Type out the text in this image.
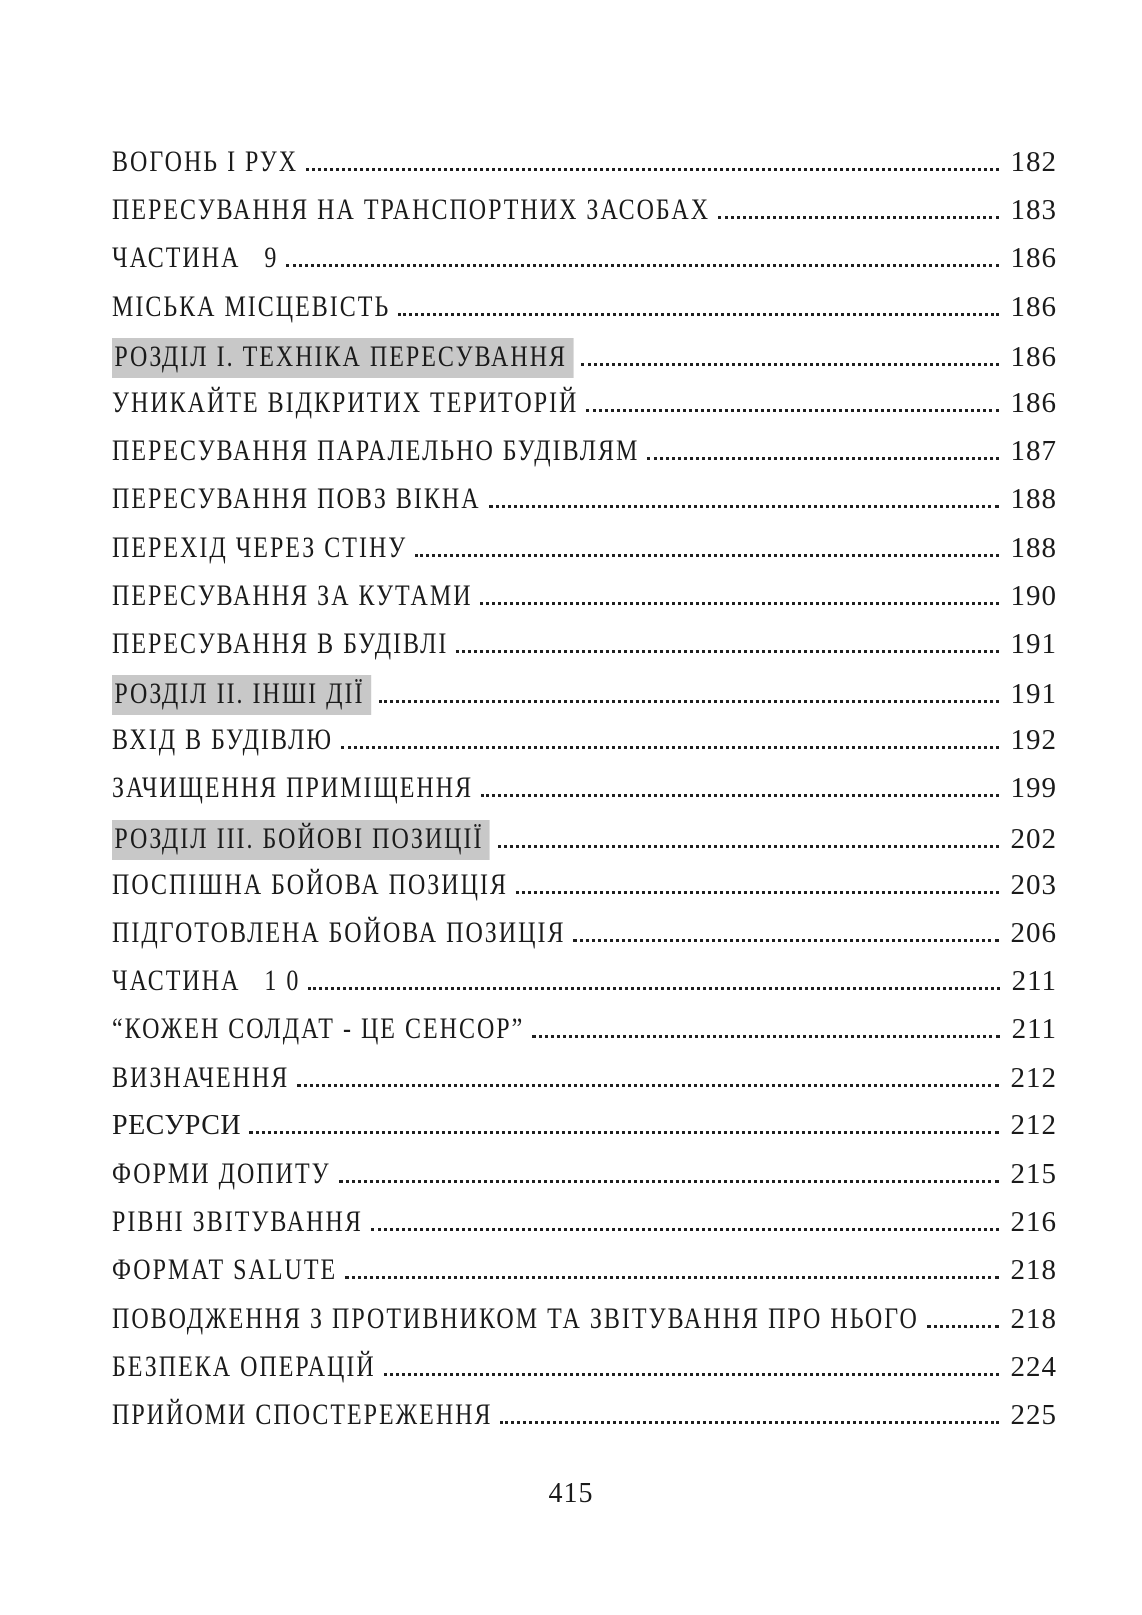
ВОГОНЬ І РУХ	182
ПЕРЕСУВАННЯ НА ТРАНСПОРТНИХ ЗАСОБАХ	183
ЧАСТИНА   9	186
МІСЬКА МІСЦЕВІСТЬ	186
РОЗДІЛ І. ТЕХНІКА ПЕРЕСУВАННЯ	186
УНИКАЙТЕ ВІДКРИТИХ ТЕРИТОРІЙ	186
ПЕРЕСУВАННЯ ПАРАЛЕЛЬНО БУДІВЛЯМ	187
ПЕРЕСУВАННЯ ПОВЗ ВІКНА	188
ПЕРЕХІД ЧЕРЕЗ СТІНУ	188
ПЕРЕСУВАННЯ ЗА КУТАМИ	190
ПЕРЕСУВАННЯ В БУДІВЛІ	191
РОЗДІЛ ІІ. ІНШІ ДІЇ	191
ВХІД В БУДІВЛЮ	192
ЗАЧИЩЕННЯ ПРИМІЩЕННЯ	199
РОЗДІЛ ІІІ. БОЙОВІ ПОЗИЦІЇ	202
ПОСПІШНА БОЙОВА ПОЗИЦІЯ	203
ПІДГОТОВЛЕНА БОЙОВА ПОЗИЦІЯ	206
ЧАСТИНА   1 0	211
“КОЖЕН СОЛДАТ - ЦЕ СЕНСОР”	211
ВИЗНАЧЕННЯ	212
РЕСУРСИ	212
ФОРМИ ДОПИТУ	215
РІВНІ ЗВІТУВАННЯ	216
ФОРМАТ SALUTE	218
ПОВОДЖЕННЯ З ПРОТИВНИКОМ ТА ЗВІТУВАННЯ ПРО НЬОГО	218
БЕЗПЕКА ОПЕРАЦІЙ	224
ПРИЙОМИ СПОСТЕРЕЖЕННЯ	225
415
